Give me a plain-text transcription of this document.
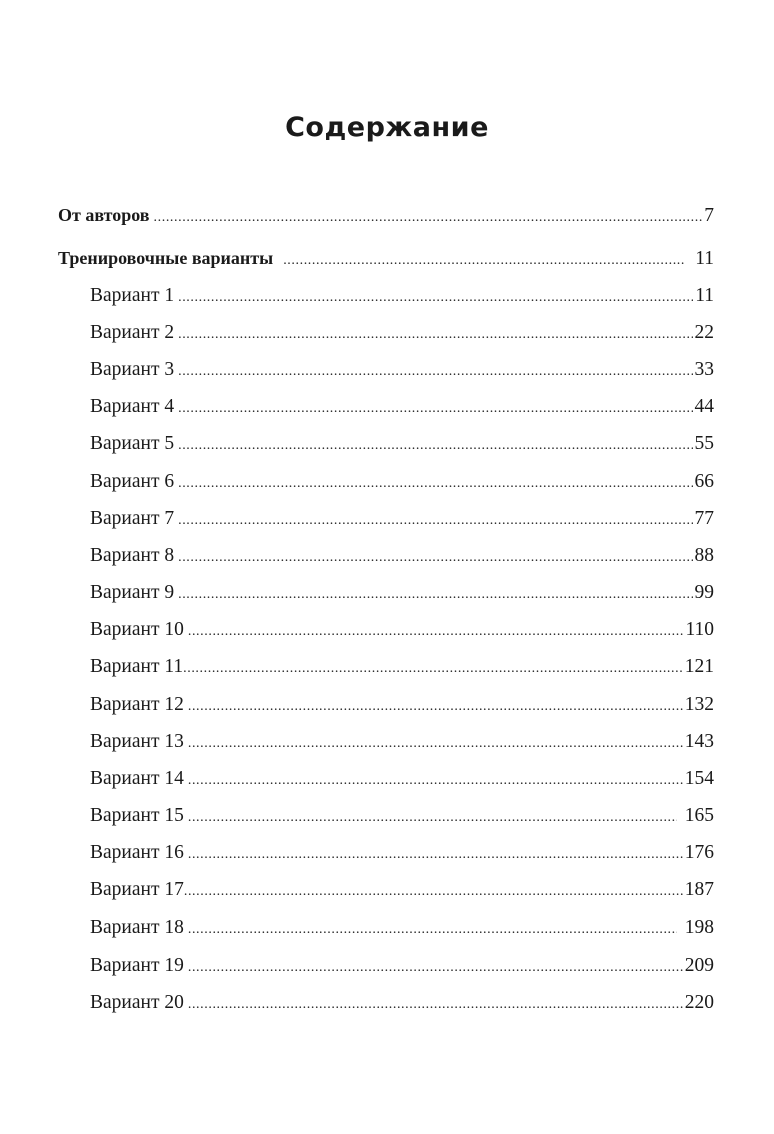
Содержание
От авторов .....	7
Тренировочные варианты .....	11
Вариант 1 .....	11
Вариант 2 .....	22
Вариант 3 .....	33
Вариант 4 .....	44
Вариант 5 .....	55
Вариант 6 .....	66
Вариант 7 .....	77
Вариант 8 .....	88
Вариант 9 .....	99
Вариант 10 .....	110
Вариант 11 .....	121
Вариант 12 .....	132
Вариант 13 .....	143
Вариант 14 .....	154
Вариант 15 .....	165
Вариант 16 .....	176
Вариант 17 .....	187
Вариант 18 .....	198
Вариант 19 .....	209
Вариант 20 .....	220
